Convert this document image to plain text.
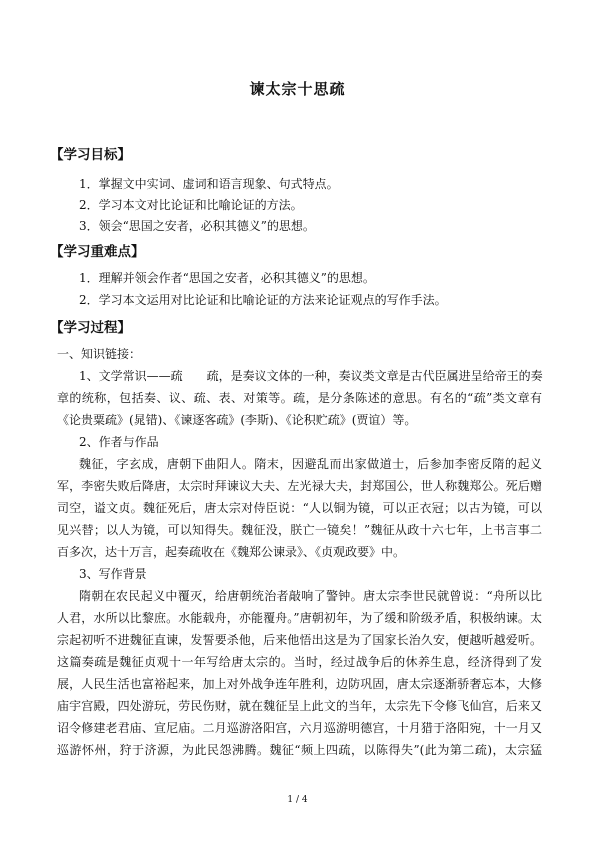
谏太宗十思疏
【学习目标】
1．掌握文中实词、虚词和语言现象、句式特点。
2．学习本文对比论证和比喻论证的方法。
3．领会“思国之安者，必积其德义”的思想。
【学习重难点】
1．理解并领会作者“思国之安者，必积其德义”的思想。
2．学习本文运用对比论证和比喻论证的方法来论证观点的写作手法。
【学习过程】
一、知识链接：
1、文学常识——疏　　疏，是奏议文体的一种，奏议类文章是古代臣属进呈给帝王的奏
章的统称，包括奏、议、疏、表、对策等。疏，是分条陈述的意思。有名的“疏”类文章有
《论贵粟疏》(晁错)、《谏逐客疏》(李斯)、《论积贮疏》(贾谊）等。
2、作者与作品
魏征，字玄成，唐朝下曲阳人。隋末，因避乱而出家做道士，后参加李密反隋的起义
军，李密失败后降唐，太宗时拜谏议大夫、左光禄大夫，封郑国公，世人称魏郑公。死后赠
司空，谥文贞。魏征死后，唐太宗对侍臣说：“人以铜为镜，可以正衣冠；以古为镜，可以
见兴替；以人为镜，可以知得失。魏征没，朕亡一镜矣！”魏征从政十六七年，上书言事二
百多次，达十万言，起奏疏收在《魏郑公谏录》、《贞观政要》中。
3、写作背景
隋朝在农民起义中覆灭，给唐朝统治者敲响了警钟。唐太宗李世民就曾说：“舟所以比
人君，水所以比黎庶。水能载舟，亦能覆舟。”唐朝初年，为了缓和阶级矛盾，积极纳谏。太
宗起初听不进魏征直谏，发誓要杀他，后来他悟出这是为了国家长治久安，便越听越爱听。
这篇奏疏是魏征贞观十一年写给唐太宗的。当时，经过战争后的休养生息，经济得到了发
展，人民生活也富裕起来，加上对外战争连年胜利，边防巩固，唐太宗逐渐骄奢忘本，大修
庙宇宫殿，四处游玩，劳民伤财，就在魏征呈上此文的当年，太宗先下令修飞仙宫，后来又
诏令修建老君庙、宣尼庙。二月巡游洛阳宫，六月巡游明德宫，十月猎于洛阳宛，十一月又
巡游怀州，狩于济源，为此民怨沸腾。魏征“频上四疏，以陈得失”(此为第二疏)，太宗猛
1 / 4
